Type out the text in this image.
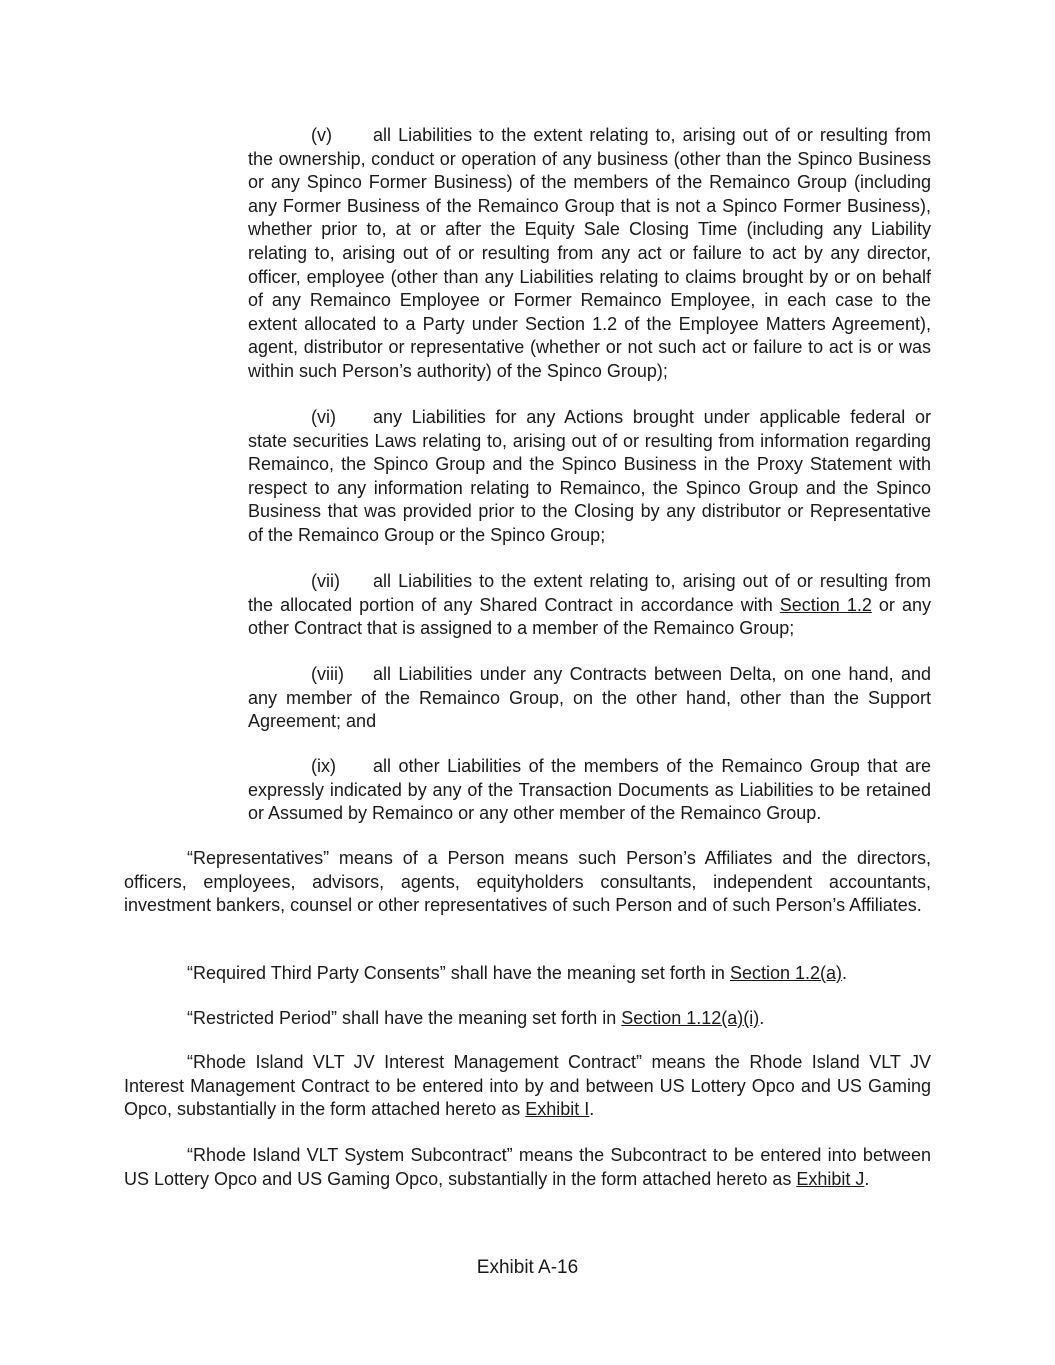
(v) all Liabilities to the extent relating to, arising out of or resulting from the ownership, conduct or operation of any business (other than the Spinco Business or any Spinco Former Business) of the members of the Remainco Group (including any Former Business of the Remainco Group that is not a Spinco Former Business), whether prior to, at or after the Equity Sale Closing Time (including any Liability relating to, arising out of or resulting from any act or failure to act by any director, officer, employee (other than any Liabilities relating to claims brought by or on behalf of any Remainco Employee or Former Remainco Employee, in each case to the extent allocated to a Party under Section 1.2 of the Employee Matters Agreement), agent, distributor or representative (whether or not such act or failure to act is or was within such Person’s authority) of the Spinco Group);

(vi) any Liabilities for any Actions brought under applicable federal or state securities Laws relating to, arising out of or resulting from information regarding Remainco, the Spinco Group and the Spinco Business in the Proxy Statement with respect to any information relating to Remainco, the Spinco Group and the Spinco Business that was provided prior to the Closing by any distributor or Representative of the Remainco Group or the Spinco Group;

(vii) all Liabilities to the extent relating to, arising out of or resulting from the allocated portion of any Shared Contract in accordance with Section 1.2 or any other Contract that is assigned to a member of the Remainco Group;

(viii) all Liabilities under any Contracts between Delta, on one hand, and any member of the Remainco Group, on the other hand, other than the Support Agreement; and

(ix) all other Liabilities of the members of the Remainco Group that are expressly indicated by any of the Transaction Documents as Liabilities to be retained or Assumed by Remainco or any other member of the Remainco Group.

“Representatives” means of a Person means such Person’s Affiliates and the directors, officers, employees, advisors, agents, equityholders consultants, independent accountants, investment bankers, counsel or other representatives of such Person and of such Person’s Affiliates.

“Required Third Party Consents” shall have the meaning set forth in Section 1.2(a).

“Restricted Period” shall have the meaning set forth in Section 1.12(a)(i).

“Rhode Island VLT JV Interest Management Contract” means the Rhode Island VLT JV Interest Management Contract to be entered into by and between US Lottery Opco and US Gaming Opco, substantially in the form attached hereto as Exhibit I.

“Rhode Island VLT System Subcontract” means the Subcontract to be entered into between US Lottery Opco and US Gaming Opco, substantially in the form attached hereto as Exhibit J.

Exhibit A-16
